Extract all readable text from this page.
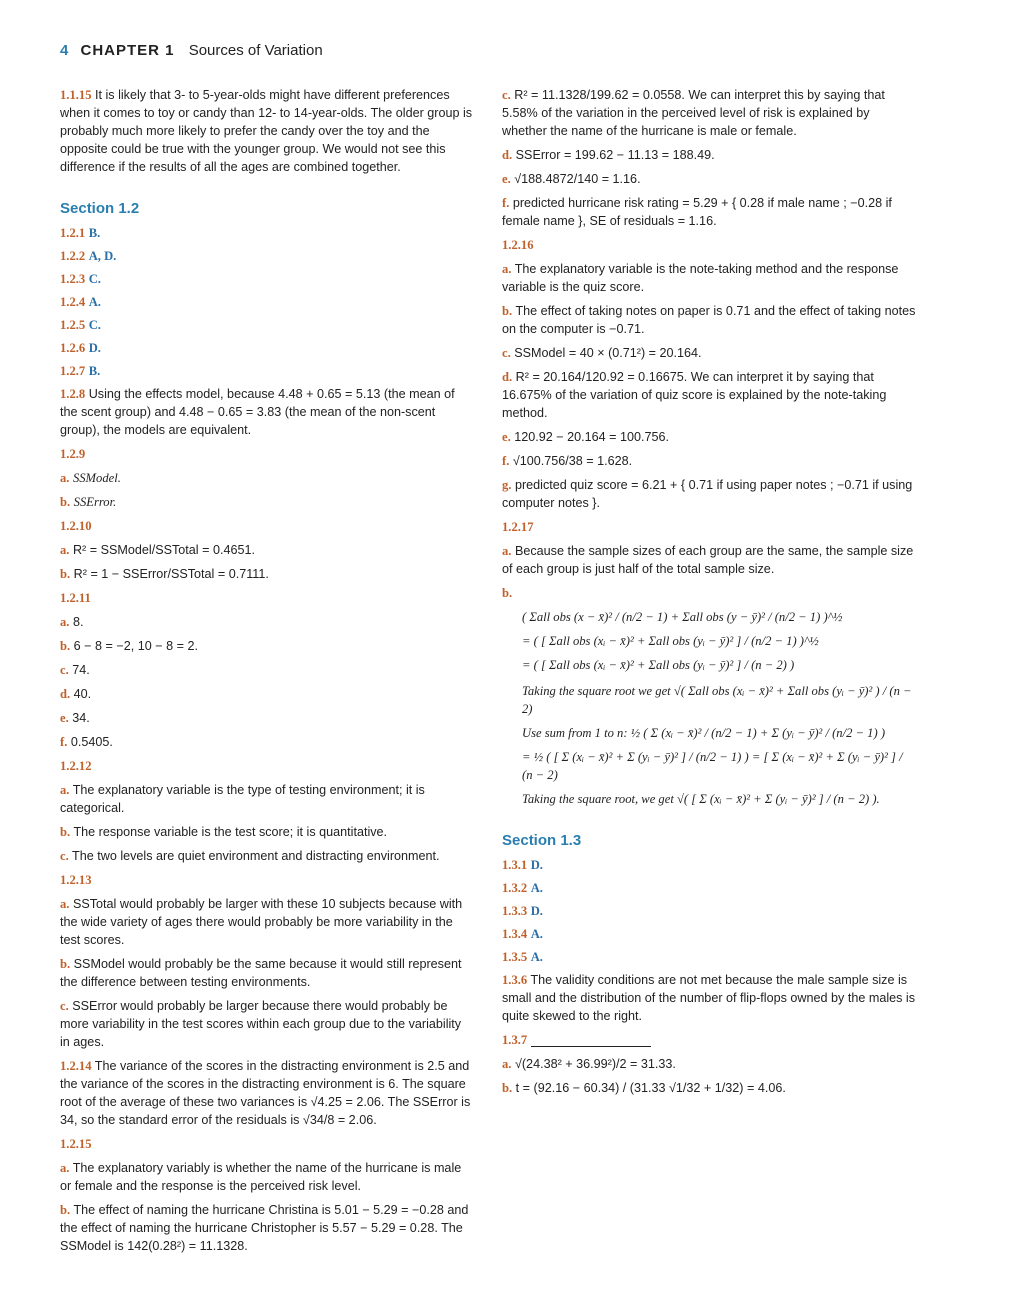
4 CHAPTER 1 Sources of Variation
1.1.15 It is likely that 3- to 5-year-olds might have different preferences when it comes to toy or candy than 12- to 14-year-olds. The older group is probably much more likely to prefer the candy over the toy and the opposite could be true with the younger group. We would not see this difference if the results of all the ages are combined together.
Section 1.2
1.2.1 B.
1.2.2 A, D.
1.2.3 C.
1.2.4 A.
1.2.5 C.
1.2.6 D.
1.2.7 B.
1.2.8 Using the effects model, because 4.48 + 0.65 = 5.13 (the mean of the scent group) and 4.48 − 0.65 = 3.83 (the mean of the non-scent group), the models are equivalent.
1.2.9
a. SSModel.
b. SSError.
1.2.10
a. R² = SSModel/SSTotal = 0.4651.
b. R² = 1 − SSError/SSTotal = 0.7111.
1.2.11
a. 8.
b. 6 − 8 = −2, 10 − 8 = 2.
c. 74.
d. 40.
e. 34.
f. 0.5405.
1.2.12
a. The explanatory variable is the type of testing environment; it is categorical.
b. The response variable is the test score; it is quantitative.
c. The two levels are quiet environment and distracting environment.
1.2.13
a. SSTotal would probably be larger with these 10 subjects because with the wide variety of ages there would probably be more variability in the test scores.
b. SSModel would probably be the same because it would still represent the difference between testing environments.
c. SSError would probably be larger because there would probably be more variability in the test scores within each group due to the variability in ages.
1.2.14 The variance of the scores in the distracting environment is 2.5 and the variance of the scores in the distracting environment is 6. The square root of the average of these two variances is √4.25 = 2.06. The SSError is 34, so the standard error of the residuals is √34/8 = 2.06.
1.2.15
a. The explanatory variably is whether the name of the hurricane is male or female and the response is the perceived risk level.
b. The effect of naming the hurricane Christina is 5.01 − 5.29 = −0.28 and the effect of naming the hurricane Christopher is 5.57 − 5.29 = 0.28. The SSModel is 142(0.28²) = 11.1328.
c. R² = 11.1328/199.62 = 0.0558. We can interpret this by saying that 5.58% of the variation in the perceived level of risk is explained by whether the name of the hurricane is male or female.
d. SSError = 199.62 − 11.13 = 188.49.
e. √188.4872/140 = 1.16.
f. predicted hurricane risk rating = 5.29 + { 0.28 if male name ; −0.28 if female name }, SE of residuals = 1.16.
1.2.16
a. The explanatory variable is the note-taking method and the response variable is the quiz score.
b. The effect of taking notes on paper is 0.71 and the effect of taking notes on the computer is −0.71.
c. SSModel = 40 × (0.71²) = 20.164.
d. R² = 20.164/120.92 = 0.16675. We can interpret it by saying that 16.675% of the variation of quiz score is explained by the note-taking method.
e. 120.92 − 20.164 = 100.756.
f. √100.756/38 = 1.628.
g. predicted quiz score = 6.21 + { 0.71 if using paper notes ; −0.71 if using computer notes }.
1.2.17
a. Because the sample sizes of each group are the same, the sample size of each group is just half of the total sample size.
b.
( Σall obs (x − x̄)² / (n/2 − 1) + Σall obs (y − ȳ)² / (n/2 − 1) )^½
= ( [ Σall obs (xᵢ − x̄)² + Σall obs (yᵢ − ȳ)² ] / (n/2 − 1) )^½
= ( [ Σall obs (xᵢ − x̄)² + Σall obs (yᵢ − ȳ)² ] / (n − 2) )
Taking the square root we get √( Σall obs (xᵢ − x̄)² + Σall obs (yᵢ − ȳ)² ) / (n − 2)
Use sum from 1 to n: ½ ( Σ (xᵢ − x̄)² / (n/2 − 1) + Σ (yᵢ − ȳ)² / (n/2 − 1) )
= ½ ( [ Σ (xᵢ − x̄)² + Σ (yᵢ − ȳ)² ] / (n/2 − 1) ) = [ Σ (xᵢ − x̄)² + Σ (yᵢ − ȳ)² ] / (n − 2)
Taking the square root, we get √( [ Σ (xᵢ − x̄)² + Σ (yᵢ − ȳ)² ] / (n − 2) ).
Section 1.3
1.3.1 D.
1.3.2 A.
1.3.3 D.
1.3.4 A.
1.3.5 A.
1.3.6 The validity conditions are not met because the male sample size is small and the distribution of the number of flip-flops owned by the males is quite skewed to the right.
1.3.7
a. √(24.38² + 36.99²)/2 = 31.33.
b. t = (92.16 − 60.34) / (31.33 √1/32 + 1/32) = 4.06.
